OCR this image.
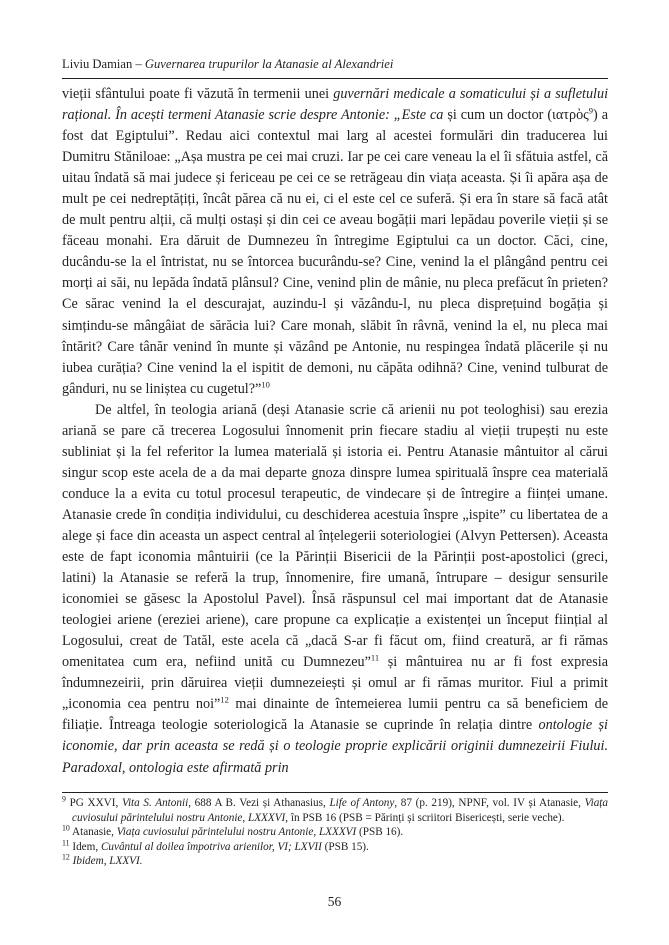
Liviu Damian – Guvernarea trupurilor la Atanasie al Alexandriei

vieții sfântului poate fi văzută în termenii unei guvernări medicale a somaticului și a sufletului rațional. În acești termeni Atanasie scrie despre Antonie: „Este ca și cum un doctor (ιατρὸς$^9$) a fost dat Egiptului”. Redau aici contextul mai larg al acestei formulări din traducerea lui Dumitru Stăniloae: „Așa mustra pe cei mai cruzi. Iar pe cei care veneau la el îi sfătuia astfel, că uitau îndată să mai judece și fericeau pe cei ce se retrăgeau din viața aceasta. Și îi apăra așa de mult pe cei nedreptățiți, încât părea că nu ei, ci el este cel ce suferă. Și era în stare să facă atât de mult pentru alții, că mulți ostași și din cei ce aveau bogății mari lepădau poverile vieții și se făceau monahi. Era dăruit de Dumnezeu în întregime Egiptului ca un doctor. Căci, cine, ducându-se la el întristat, nu se întorcea bucurându-se? Cine, venind la el plângând pentru cei morți ai săi, nu lepăda îndată plânsul? Cine, venind plin de mânie, nu pleca prefăcut în prieten? Ce sărac venind la el descurajat, auzindu-l și văzându-l, nu pleca disprețuind bogăția și simțindu-se mângâiat de sărăcia lui? Care monah, slăbit în râvnă, venind la el, nu pleca mai întărit? Care tânăr venind în munte și văzând pe Antonie, nu respingea îndată plăcerile și nu iubea curăția? Cine venind la el ispitit de demoni, nu căpăta odihnă? Cine, venind tulburat de gânduri, nu se liniștea cu cugetul?”$^{10}$

De altfel, în teologia ariană (deși Atanasie scrie că arienii nu pot teologhisi) sau erezia ariană se pare că trecerea Logosului înnomenit prin fiecare stadiu al vieții trupești nu este subliniat și la fel referitor la lumea materială și istoria ei. Pentru Atanasie mântuitor al cărui singur scop este acela de a da mai departe gnoza dinspre lumea spirituală înspre cea materială conduce la a evita cu totul procesul terapeutic, de vindecare și de întregire a ființei umane. Atanasie crede în condiția individului, cu deschiderea acestuia înspre „ispite” cu libertatea de a alege și face din aceasta un aspect central al înțelegerii soteriologiei (Alvyn Pettersen). Aceasta este de fapt iconomia mântuirii (ce la Părinții Bisericii de la Părinții post-apostolici (greci, latini) la Atanasie se referă la trup, înnomenire, fire umană, întrupare – desigur sensurile iconomiei se găsesc la Apostolul Pavel). Însă răspunsul cel mai important dat de Atanasie teologiei ariene (ereziei ariene), care propune ca explicație a existenței un început ființial al Logosului, creat de Tatăl, este acela că „dacă S-ar fi făcut om, fiind creatură, ar fi rămas omenitatea cum era, nefiind unită cu Dumnezeu”$^{11}$ și mântuirea nu ar fi fost expresia îndumnezeirii, prin dăruirea vieții dumnezeiești și omul ar fi rămas muritor. Fiul a primit „iconomia cea pentru noi”$^{12}$ mai dinainte de întemeierea lumii pentru ca să beneficiem de filiație. Întreaga teologie soteriologică la Atanasie se cuprinde în relația dintre ontologie și iconomie, dar prin aceasta se redă și o teologie proprie explicării originii dumnezeirii Fiului. Paradoxal, ontologia este afirmată prin

$^9$ PG XXVI, Vita S. Antonii, 688 A B. Vezi și Athanasius, Life of Antony, 87 (p. 219), NPNF, vol. IV și Atanasie, Viața cuviosului părintelului nostru Antonie, LXXXVI, în PSB 16 (PSB = Părinți și scriitori Bisericești, serie veche).

$^{10}$ Atanasie, Viața cuviosului părintelului nostru Antonie, LXXXVI (PSB 16).

$^{11}$ Idem, Cuvântul al doilea împotriva arienilor, VI; LXVII (PSB 15).

$^{12}$ Ibidem, LXXVI.

56
